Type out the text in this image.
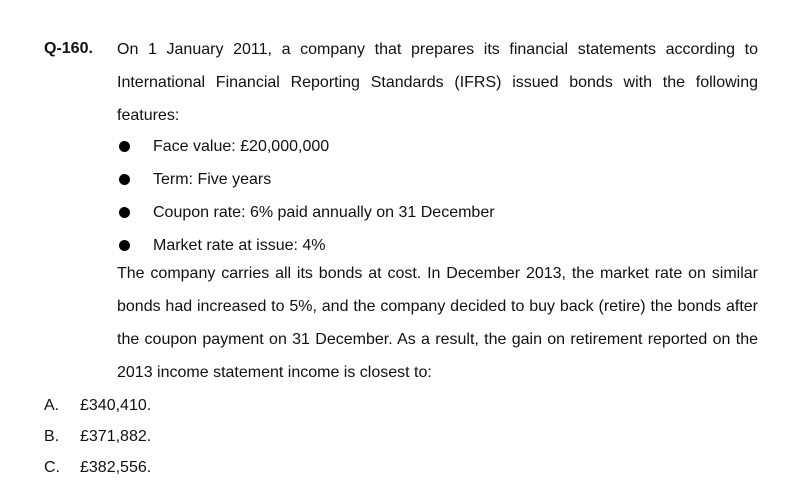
Q-160. On 1 January 2011, a company that prepares its financial statements according to International Financial Reporting Standards (IFRS) issued bonds with the following features:
Face value: £20,000,000
Term: Five years
Coupon rate: 6% paid annually on 31 December
Market rate at issue: 4%
The company carries all its bonds at cost. In December 2013, the market rate on similar bonds had increased to 5%, and the company decided to buy back (retire) the bonds after the coupon payment on 31 December. As a result, the gain on retirement reported on the 2013 income statement income is closest to:
A. £340,410.
B. £371,882.
C. £382,556.
